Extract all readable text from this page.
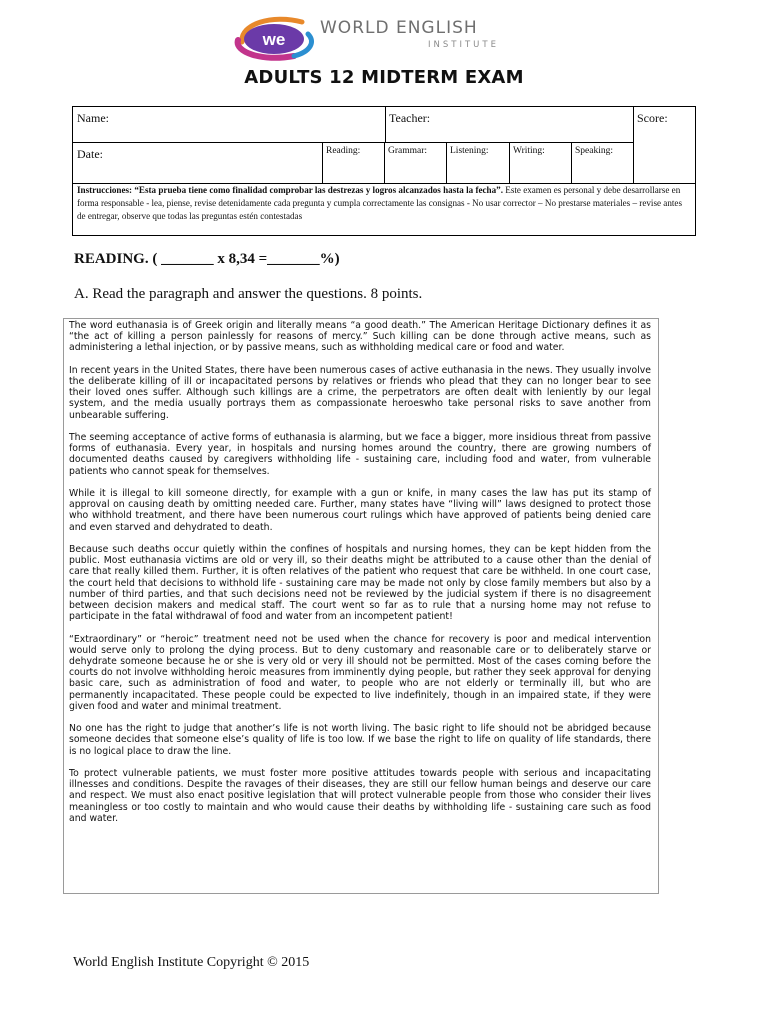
we
WORLD ENGLISH
INSTITUTE
ADULTS 12 MIDTERM EXAM
Name:	Teacher:	Score:
Date:	Reading:	Grammar: Listening:	Writing:	Speaking:
Instrucciones: “Esta prueba tiene como finalidad comprobar las destrezas y logros alcanzados hasta la fecha”. Este examen es personal y debe desarrollarse en forma responsable - lea, piense, revise detenidamente cada pregunta y cumpla correctamente las consignas - No usar corrector – No prestarse materiales – revise antes de entregar, observe que todas las preguntas estén contestadas
READING. ( _______ x 8,34 =_______%)
A. Read the paragraph and answer the questions. 8 points.

The word euthanasia is of Greek origin and literally means “a good death.” The American Heritage Dictionary defines it as “the act of killing a person painlessly for reasons of mercy.” Such killing can be done through active means, such as administering a lethal injection, or by passive means, such as withholding medical care or food and water.

In recent years in the United States, there have been numerous cases of active euthanasia in the news. They usually involve the deliberate killing of ill or incapacitated persons by relatives or friends who plead that they can no longer bear to see their loved ones suffer. Although such killings are a crime, the perpetrators are often dealt with leniently by our legal system, and the media usually portrays them as compassionate heroeswho take personal risks to save another from unbearable suffering.

The seeming acceptance of active forms of euthanasia is alarming, but we face a bigger, more insidious threat from passive forms of euthanasia. Every year, in hospitals and nursing homes around the country, there are growing numbers of documented deaths caused by caregivers withholding life - sustaining care, including food and water, from vulnerable patients who cannot speak for themselves.

While it is illegal to kill someone directly, for example with a gun or knife, in many cases the law has put its stamp of approval on causing death by omitting needed care. Further, many states have “living will” laws designed to protect those who withhold treatment, and there have been numerous court rulings which have approved of patients being denied care and even starved and dehydrated to death.

Because such deaths occur quietly within the confines of hospitals and nursing homes, they can be kept hidden from the public. Most euthanasia victims are old or very ill, so their deaths might be attributed to a cause other than the denial of care that really killed them. Further, it is often relatives of the patient who request that care be withheld. In one court case, the court held that decisions to withhold life - sustaining care may be made not only by close family members but also by a number of third parties, and that such decisions need not be reviewed by the judicial system if there is no disagreement between decision makers and medical staff. The court went so far as to rule that a nursing home may not refuse to participate in the fatal withdrawal of food and water from an incompetent patient!

“Extraordinary” or “heroic” treatment need not be used when the chance for recovery is poor and medical intervention would serve only to prolong the dying process. But to deny customary and reasonable care or to deliberately starve or dehydrate someone because he or she is very old or very ill should not be permitted. Most of the cases coming before the courts do not involve withholding heroic measures from imminently dying people, but rather they seek approval for denying basic care, such as administration of food and water, to people who are not elderly or terminally ill, but who are permanently incapacitated. These people could be expected to live indefinitely, though in an impaired state, if they were given food and water and minimal treatment.

No one has the right to judge that another’s life is not worth living. The basic right to life should not be abridged because someone decides that someone else’s quality of life is too low. If we base the right to life on quality of life standards, there is no logical place to draw the line.

To protect vulnerable patients, we must foster more positive attitudes towards people with serious and incapacitating illnesses and conditions. Despite the ravages of their diseases, they are still our fellow human beings and deserve our care and respect. We must also enact positive legislation that will protect vulnerable people from those who consider their lives meaningless or too costly to maintain and who would cause their deaths by withholding life - sustaining care such as food and water.

World English Institute Copyright © 2015
